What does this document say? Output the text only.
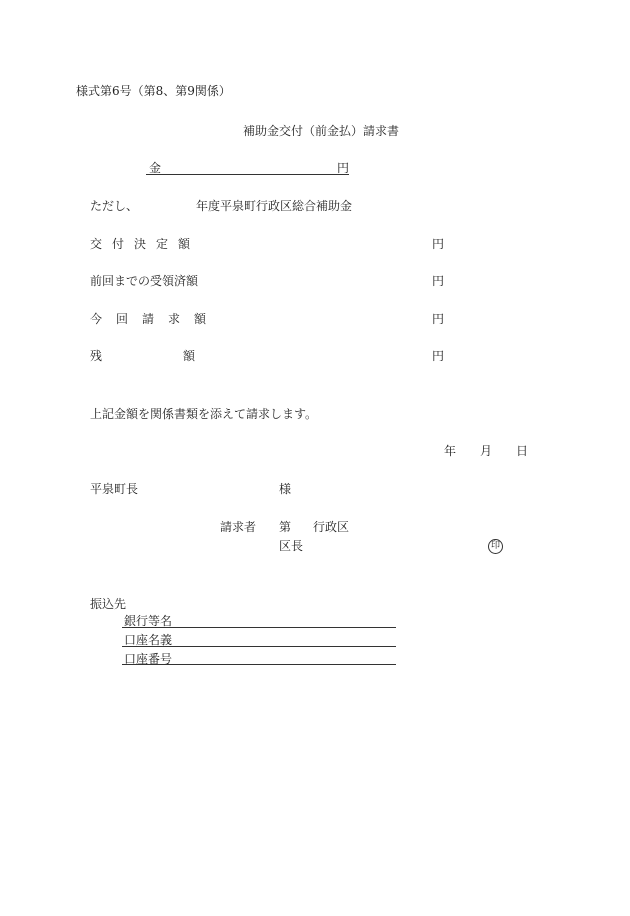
様式第6号（第8、第9関係）
補助金交付（前金払）請求書
金	円
ただし、	年度平泉町行政区総合補助金
交付決定額	円
前回までの受領済額	円
今回請求額	円
残	額	円
上記金額を関係書類を添えて請求します。
年 月 日
平泉町長	様
請求者 第 行政区
区長	印
振込先
銀行等名
口座名義
口座番号
